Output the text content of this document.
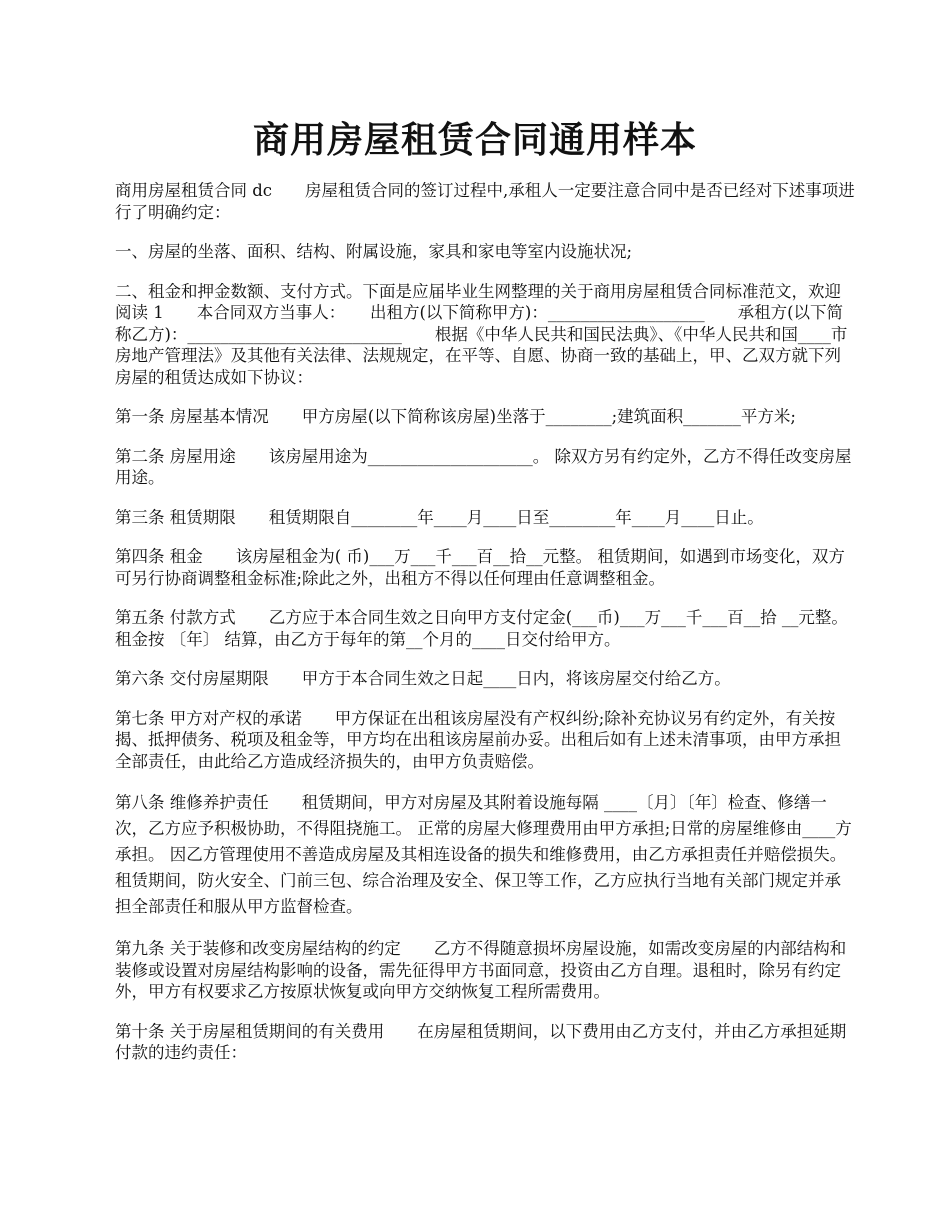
商用房屋租赁合同通用样本

商用房屋租赁合同 dc　　房屋租赁合同的签订过程中,承租人一定要注意合同中是否已经对下述事项进行了明确约定：

一、房屋的坐落、面积、结构、附属设施，家具和家电等室内设施状况;

二、租金和押金数额、支付方式。下面是应届毕业生网整理的关于商用房屋租赁合同标准范文，欢迎阅读 1　　本合同双方当事人：　　出租方(以下简称甲方)：___________________　　承租方(以下简称乙方)：__________________________　　根据《中华人民共和国民法典》、《中华人民共和国____市房地产管理法》及其他有关法律、法规规定，在平等、自愿、协商一致的基础上，甲、乙双方就下列房屋的租赁达成如下协议：

第一条 房屋基本情况　　甲方房屋(以下简称该房屋)坐落于________;建筑面积_______平方米;

第二条 房屋用途　　该房屋用途为____________________。 除双方另有约定外，乙方不得任改变房屋用途。

第三条 租赁期限　　租赁期限自________年____月____日至________年____月____日止。

第四条 租金　　该房屋租金为( 币)___万___千___百__拾__元整。 租赁期间，如遇到市场变化，双方可另行协商调整租金标准;除此之外，出租方不得以任何理由任意调整租金。

第五条 付款方式　　乙方应于本合同生效之日向甲方支付定金(___币)___万___千___百__拾 __元整。租金按 〔年〕 结算，由乙方于每年的第__个月的____日交付给甲方。

第六条 交付房屋期限　　甲方于本合同生效之日起____日内，将该房屋交付给乙方。

第七条 甲方对产权的承诺　　甲方保证在出租该房屋没有产权纠纷;除补充协议另有约定外，有关按揭、抵押债务、税项及租金等，甲方均在出租该房屋前办妥。出租后如有上述未清事项，由甲方承担全部责任，由此给乙方造成经济损失的，由甲方负责赔偿。

第八条 维修养护责任　　租赁期间，甲方对房屋及其附着设施每隔 ____〔月〕〔年〕检查、修缮一次，乙方应予积极协助，不得阻挠施工。 正常的房屋大修理费用由甲方承担;日常的房屋维修由____方承担。 因乙方管理使用不善造成房屋及其相连设备的损失和维修费用，由乙方承担责任并赔偿损失。 租赁期间，防火安全、门前三包、综合治理及安全、保卫等工作，乙方应执行当地有关部门规定并承担全部责任和服从甲方监督检查。

第九条 关于装修和改变房屋结构的约定　　乙方不得随意损坏房屋设施，如需改变房屋的内部结构和装修或设置对房屋结构影响的设备，需先征得甲方书面同意，投资由乙方自理。退租时，除另有约定外，甲方有权要求乙方按原状恢复或向甲方交纳恢复工程所需费用。

第十条 关于房屋租赁期间的有关费用　　在房屋租赁期间，以下费用由乙方支付，并由乙方承担延期付款的违约责任：
